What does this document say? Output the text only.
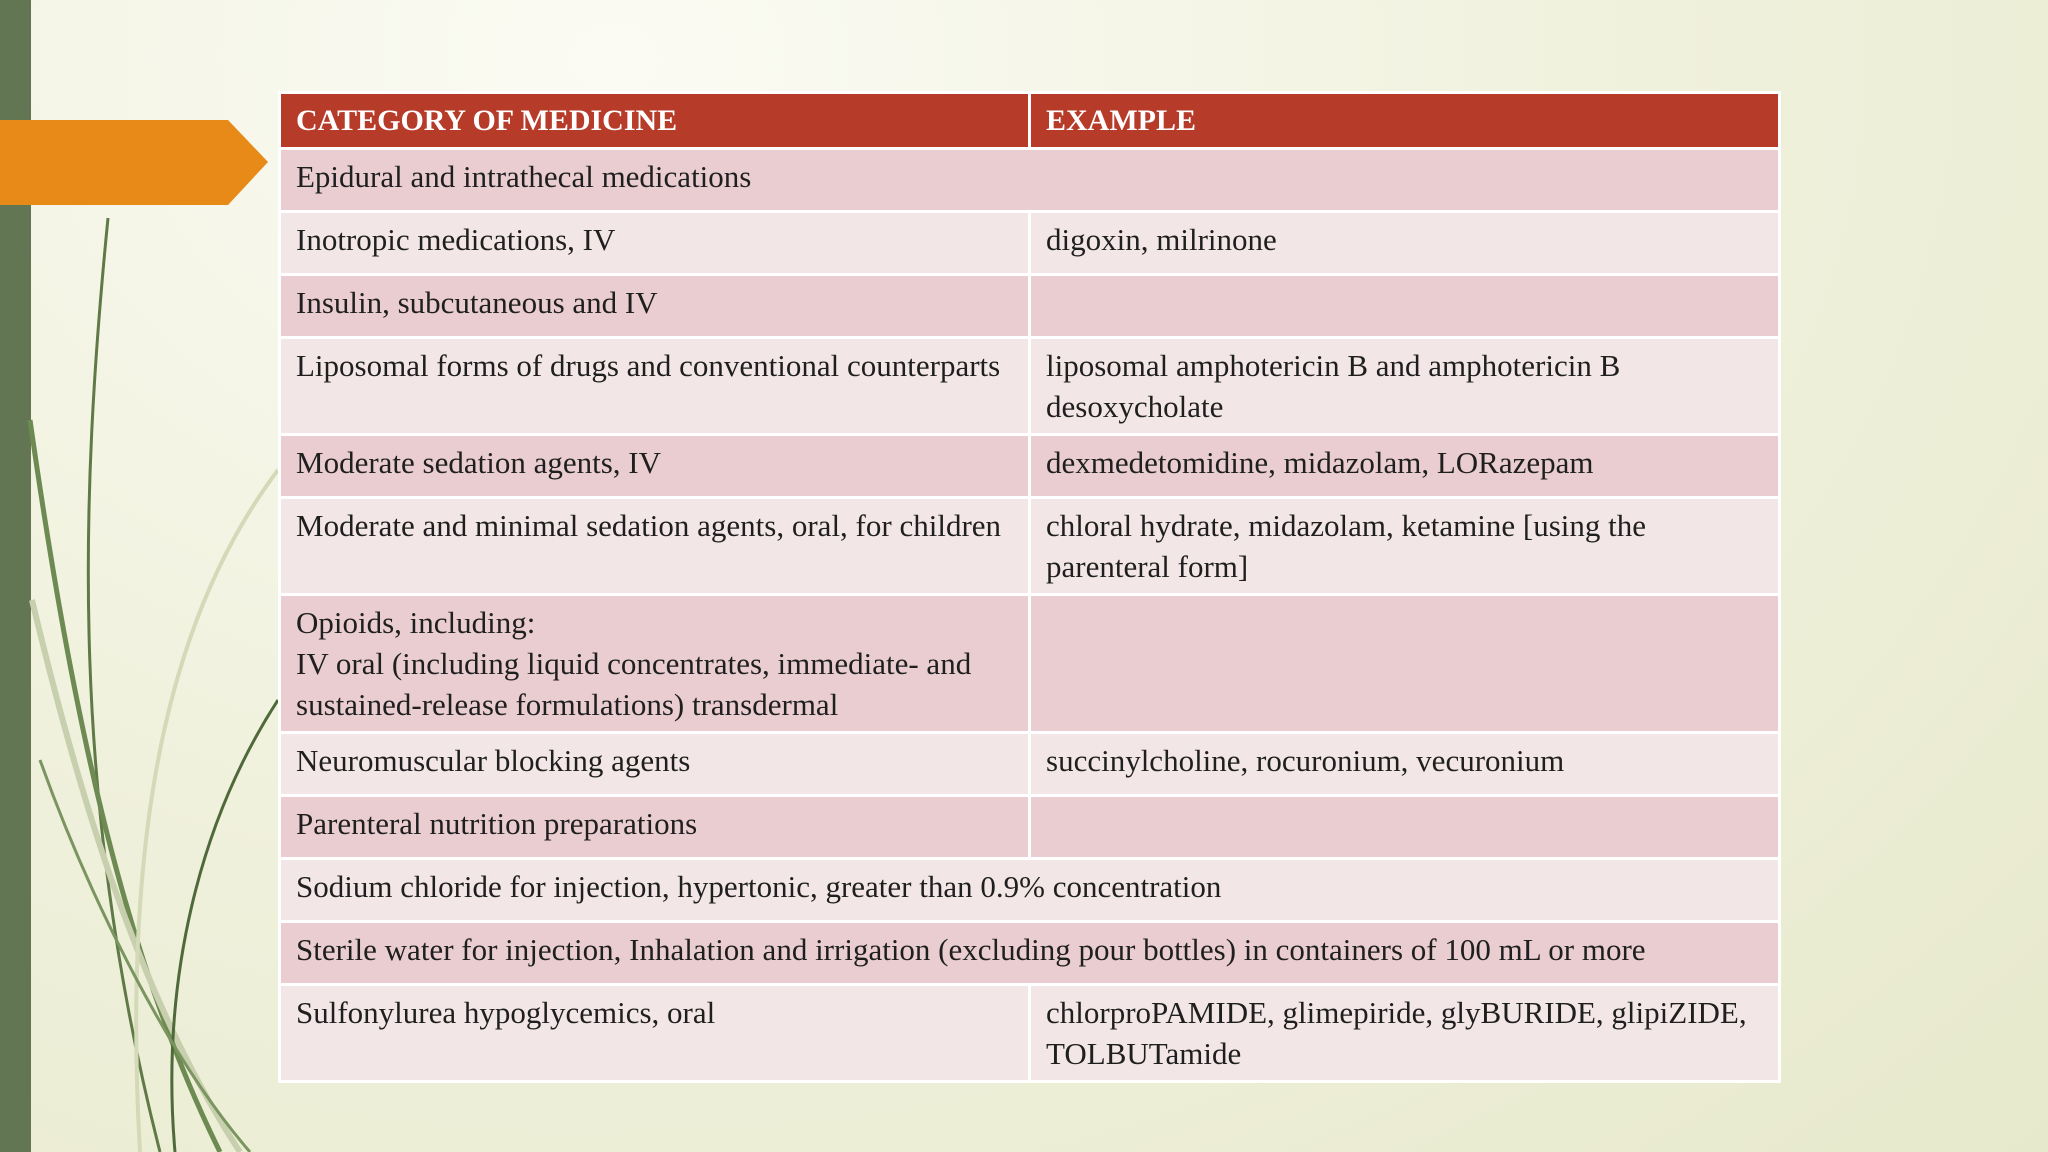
CATEGORY OF MEDICINE	EXAMPLE
Epidural and intrathecal medications	
Inotropic medications, IV	digoxin, milrinone
Insulin, subcutaneous and IV	
Liposomal forms of drugs and conventional counterparts	liposomal amphotericin B and amphotericin B desoxycholate
Moderate sedation agents, IV	dexmedetomidine, midazolam, LORazepam
Moderate and minimal sedation agents, oral, for children	chloral hydrate, midazolam, ketamine [using the parenteral form]

Opioids, including:
IV oral (including liquid concentrates, immediate- and sustained-release formulations) transdermal	

Neuromuscular blocking agents	succinylcholine, rocuronium, vecuronium
Parenteral nutrition preparations	
Sodium chloride for injection, hypertonic, greater than 0.9% concentration	
Sterile water for injection, Inhalation and irrigation (excluding pour bottles) in containers of 100 mL or more	
Sulfonylurea hypoglycemics, oral	chlorproPAMIDE, glimepiride, glyBURIDE, glipiZIDE, TOLBUTamide
